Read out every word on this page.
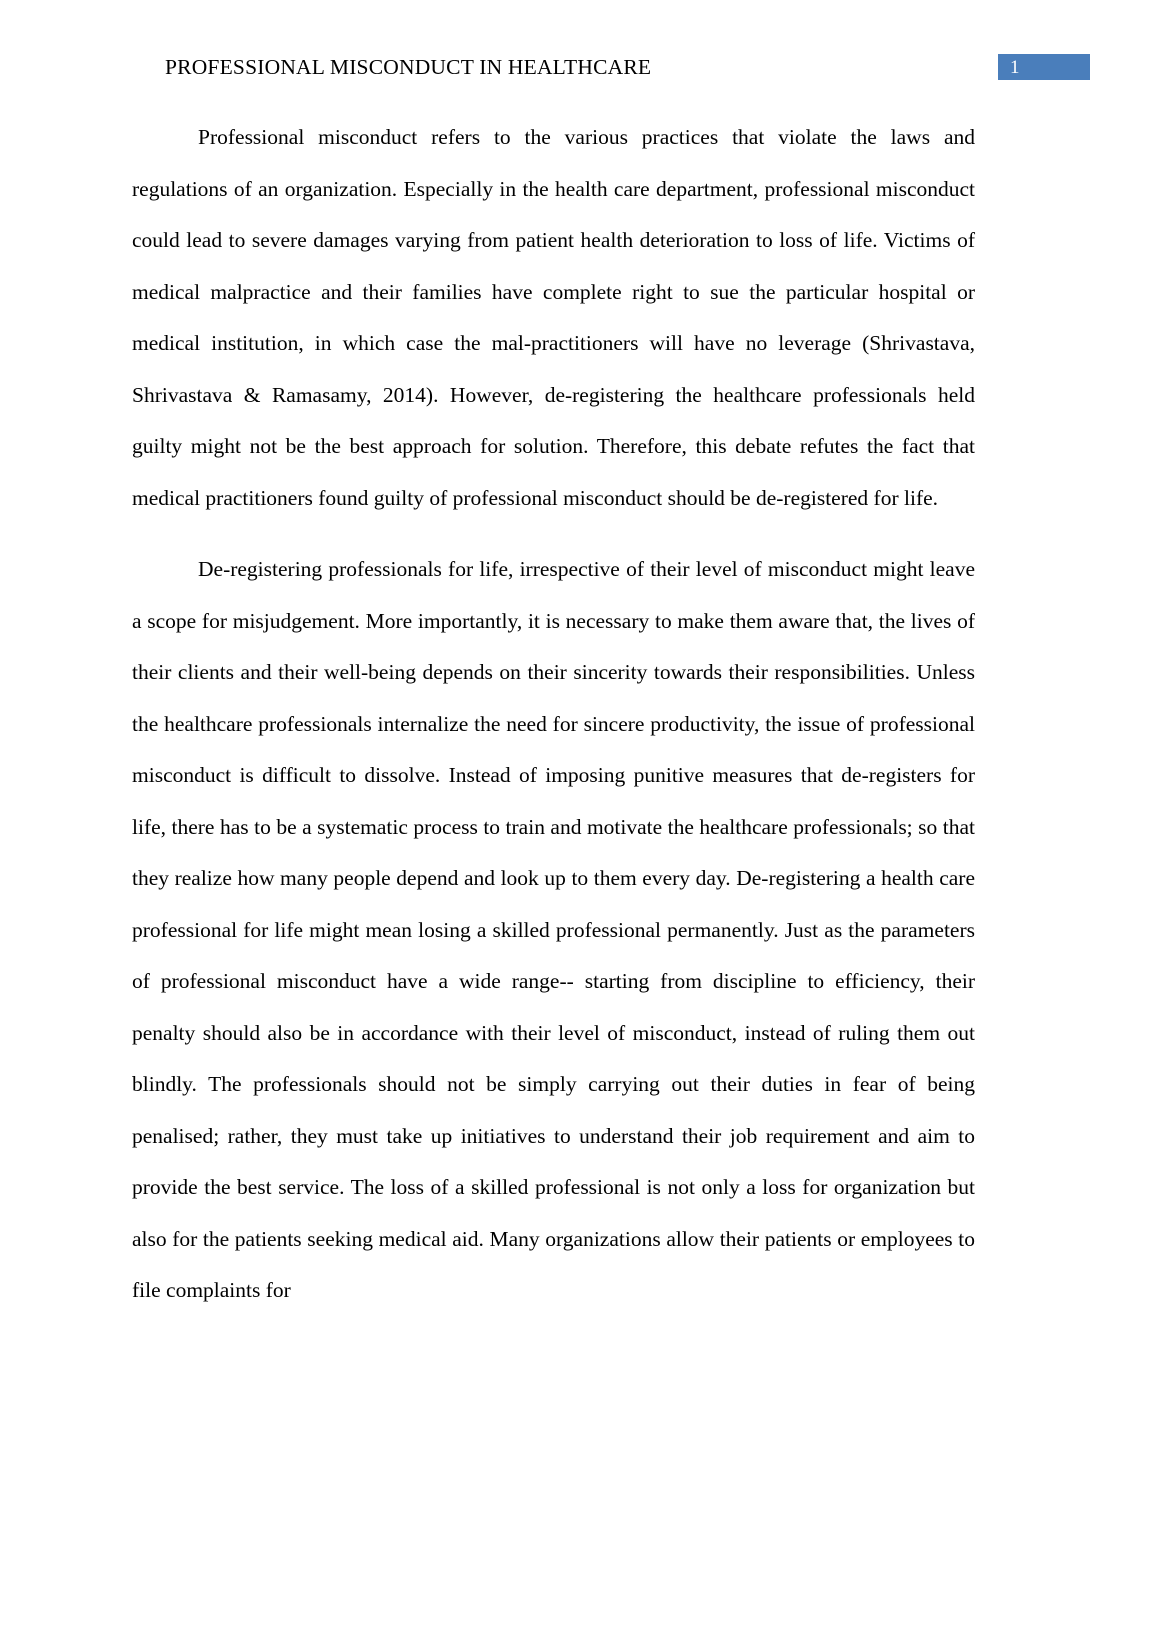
PROFESSIONAL MISCONDUCT IN HEALTHCARE	1

Professional misconduct refers to the various practices that violate the laws and regulations of an organization. Especially in the health care department, professional misconduct could lead to severe damages varying from patient health deterioration to loss of life. Victims of medical malpractice and their families have complete right to sue the particular hospital or medical institution, in which case the mal-practitioners will have no leverage (Shrivastava, Shrivastava & Ramasamy, 2014). However, de-registering the healthcare professionals held guilty might not be the best approach for solution. Therefore, this debate refutes the fact that medical practitioners found guilty of professional misconduct should be de-registered for life.

De-registering professionals for life, irrespective of their level of misconduct might leave a scope for misjudgement. More importantly, it is necessary to make them aware that, the lives of their clients and their well-being depends on their sincerity towards their responsibilities. Unless the healthcare professionals internalize the need for sincere productivity, the issue of professional misconduct is difficult to dissolve. Instead of imposing punitive measures that de-registers for life, there has to be a systematic process to train and motivate the healthcare professionals; so that they realize how many people depend and look up to them every day. De-registering a health care professional for life might mean losing a skilled professional permanently. Just as the parameters of professional misconduct have a wide range-- starting from discipline to efficiency, their penalty should also be in accordance with their level of misconduct, instead of ruling them out blindly. The professionals should not be simply carrying out their duties in fear of being penalised; rather, they must take up initiatives to understand their job requirement and aim to provide the best service. The loss of a skilled professional is not only a loss for organization but also for the patients seeking medical aid. Many organizations allow their patients or employees to file complaints for
